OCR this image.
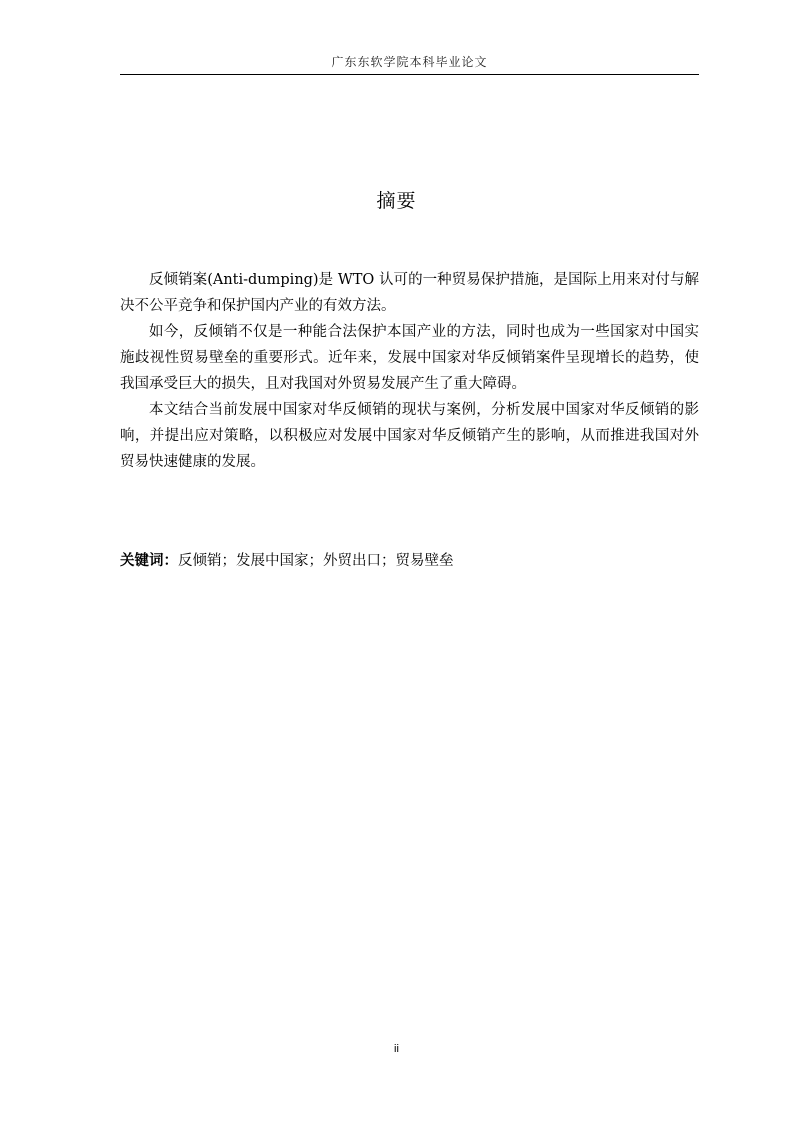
广东东软学院本科毕业论文
摘要

反倾销案(Anti-dumping)是 WTO 认可的一种贸易保护措施，是国际上用来对付与解决不公平竞争和保护国内产业的有效方法。

如今，反倾销不仅是一种能合法保护本国产业的方法，同时也成为一些国家对中国实施歧视性贸易壁垒的重要形式。近年来，发展中国家对华反倾销案件呈现增长的趋势，使我国承受巨大的损失，且对我国对外贸易发展产生了重大障碍。

本文结合当前发展中国家对华反倾销的现状与案例，分析发展中国家对华反倾销的影响，并提出应对策略，以积极应对发展中国家对华反倾销产生的影响，从而推进我国对外贸易快速健康的发展。

关键词：反倾销；发展中国家；外贸出口；贸易壁垒
ii
